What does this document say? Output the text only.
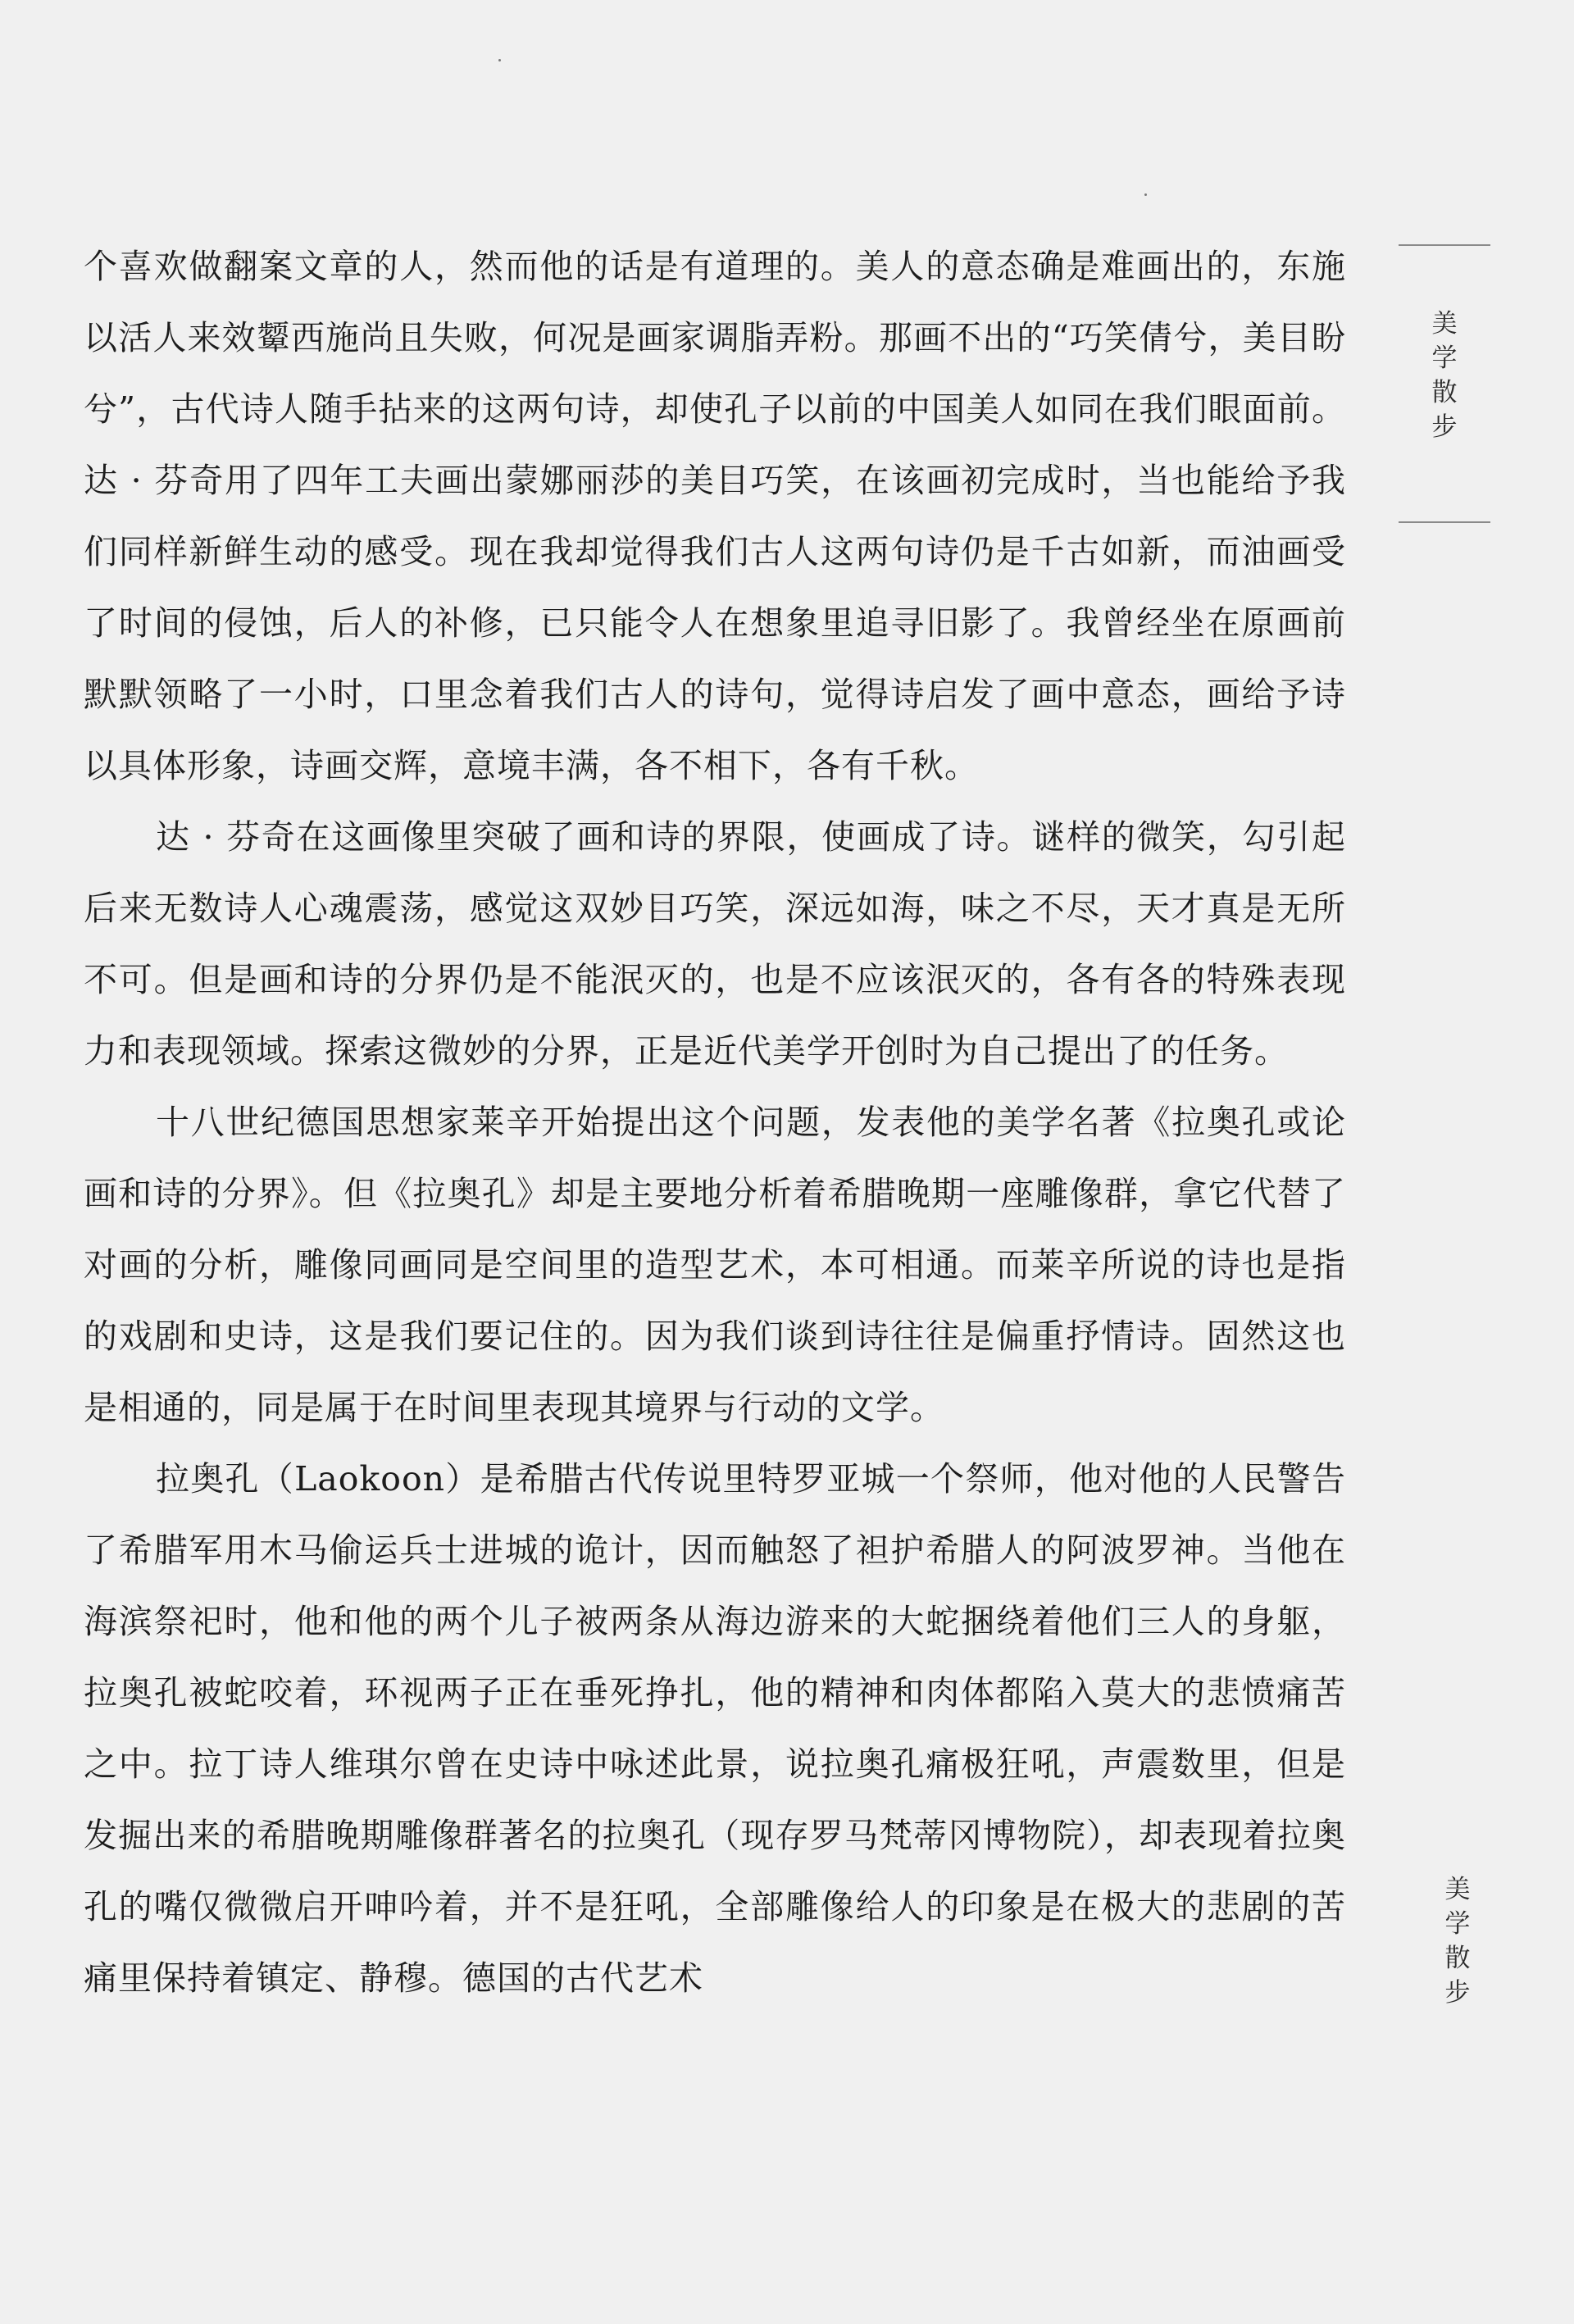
个喜欢做翻案文章的人，然而他的话是有道理的。美人的意态确是难画出的，东施以活人来效颦西施尚且失败，何况是画家调脂弄粉。那画不出的“巧笑倩兮，美目盼兮”，古代诗人随手拈来的这两句诗，却使孔子以前的中国美人如同在我们眼面前。达 · 芬奇用了四年工夫画出蒙娜丽莎的美目巧笑，在该画初完成时，当也能给予我们同样新鲜生动的感受。现在我却觉得我们古人这两句诗仍是千古如新，而油画受了时间的侵蚀，后人的补修，已只能令人在想象里追寻旧影了。我曾经坐在原画前默默领略了一小时，口里念着我们古人的诗句，觉得诗启发了画中意态，画给予诗以具体形象，诗画交辉，意境丰满，各不相下，各有千秋。

达 · 芬奇在这画像里突破了画和诗的界限，使画成了诗。谜样的微笑，勾引起后来无数诗人心魂震荡，感觉这双妙目巧笑，深远如海，味之不尽，天才真是无所不可。但是画和诗的分界仍是不能泯灭的，也是不应该泯灭的，各有各的特殊表现力和表现领域。探索这微妙的分界，正是近代美学开创时为自己提出了的任务。

十八世纪德国思想家莱辛开始提出这个问题，发表他的美学名著《拉奥孔或论画和诗的分界》。但《拉奥孔》却是主要地分析着希腊晚期一座雕像群，拿它代替了对画的分析，雕像同画同是空间里的造型艺术，本可相通。而莱辛所说的诗也是指的戏剧和史诗，这是我们要记住的。因为我们谈到诗往往是偏重抒情诗。固然这也是相通的，同是属于在时间里表现其境界与行动的文学。

拉奥孔（Laokoon）是希腊古代传说里特罗亚城一个祭师，他对他的人民警告了希腊军用木马偷运兵士进城的诡计，因而触怒了袒护希腊人的阿波罗神。当他在海滨祭祀时，他和他的两个儿子被两条从海边游来的大蛇捆绕着他们三人的身躯，拉奥孔被蛇咬着，环视两子正在垂死挣扎，他的精神和肉体都陷入莫大的悲愤痛苦之中。拉丁诗人维琪尔曾在史诗中咏述此景，说拉奥孔痛极狂吼，声震数里，但是发掘出来的希腊晚期雕像群著名的拉奥孔（现存罗马梵蒂冈博物院），却表现着拉奥孔的嘴仅微微启开呻吟着，并不是狂吼，全部雕像给人的印象是在极大的悲剧的苦痛里保持着镇定、静穆。德国的古代艺术

美
学
散
步
美
学
散
步
